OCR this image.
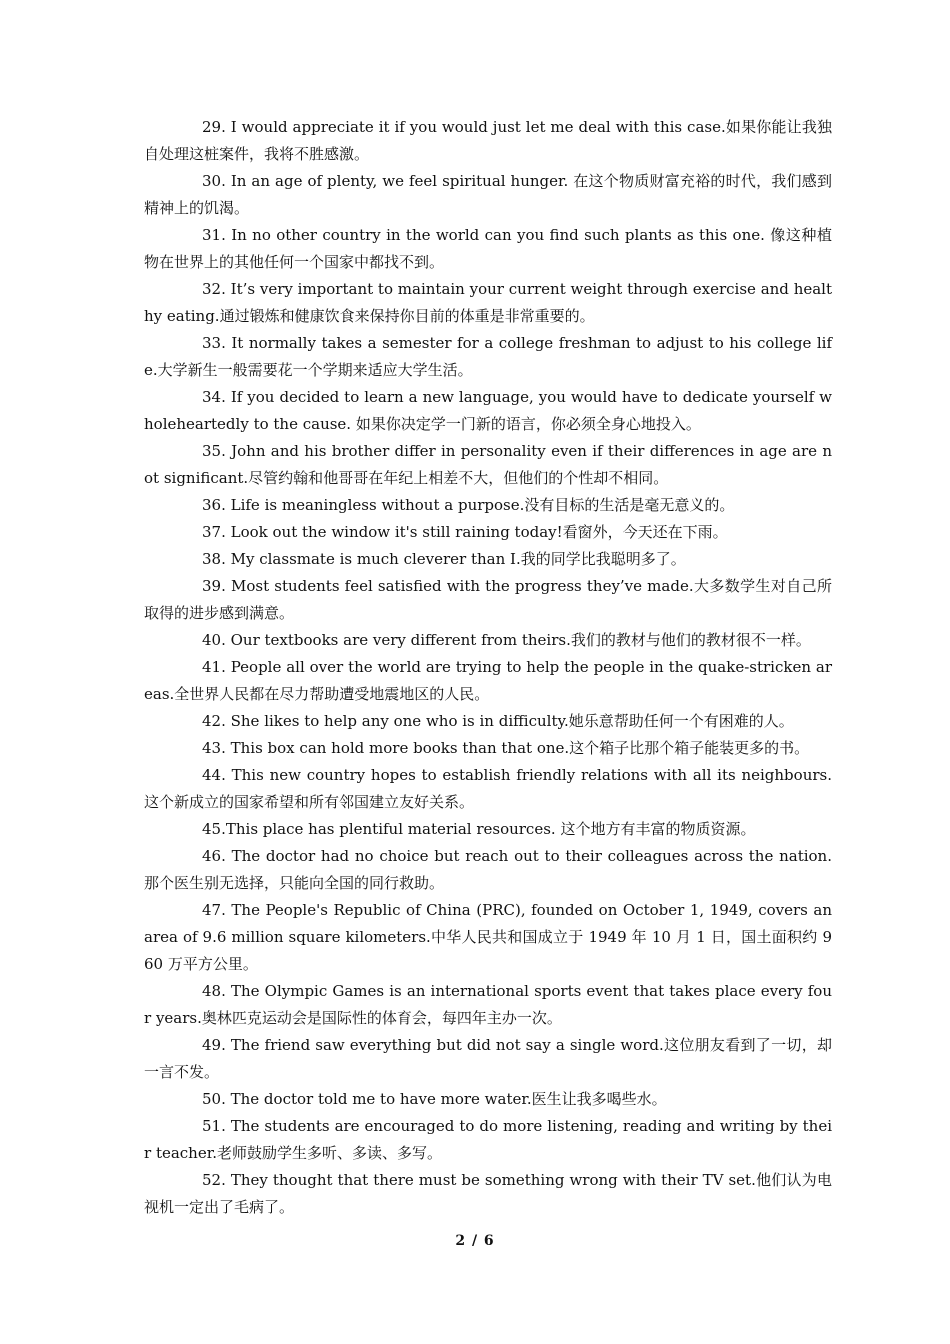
29. I would appreciate it if you would just let me deal with this case.如果你能让我独自处理这桩案件，我将不胜感激。

30. In an age of plenty, we feel spiritual hunger. 在这个物质财富充裕的时代，我们感到精神上的饥渴。

31. In no other country in the world can you find such plants as this one. 像这种植物在世界上的其他任何一个国家中都找不到。

32. It’s very important to maintain your current weight through exercise and healthy eating.通过锻炼和健康饮食来保持你目前的体重是非常重要的。

33. It normally takes a semester for a college freshman to adjust to his college life.大学新生一般需要花一个学期来适应大学生活。

34. If you decided to learn a new language, you would have to dedicate yourself wholeheartedly to the cause. 如果你决定学一门新的语言，你必须全身心地投入。

35. John and his brother differ in personality even if their differences in age are not significant.尽管约翰和他哥哥在年纪上相差不大，但他们的个性却不相同。

36. Life is meaningless without a purpose.没有目标的生活是毫无意义的。

37. Look out the window it's still raining today!看窗外，今天还在下雨。

38. My classmate is much cleverer than I.我的同学比我聪明多了。

39. Most students feel satisfied with the progress they’ve made.大多数学生对自己所取得的进步感到满意。

40. Our textbooks are very different from theirs.我们的教材与他们的教材很不一样。

41. People all over the world are trying to help the people in the quake-stricken areas.全世界人民都在尽力帮助遭受地震地区的人民。

42. She likes to help any one who is in difficulty.她乐意帮助任何一个有困难的人。

43. This box can hold more books than that one.这个箱子比那个箱子能装更多的书。

44. This new country hopes to establish friendly relations with all its neighbours.这个新成立的国家希望和所有邻国建立友好关系。

45.This place has plentiful material resources. 这个地方有丰富的物质资源。

46. The doctor had no choice but reach out to their colleagues across the nation.那个医生别无选择，只能向全国的同行救助。

47. The People's Republic of China (PRC), founded on October 1, 1949, covers an area of 9.6 million square kilometers.中华人民共和国成立于 1949 年 10 月 1 日，国土面积约 960 万平方公里。

48. The Olympic Games is an international sports event that takes place every four years.奥林匹克运动会是国际性的体育会，每四年主办一次。

49. The friend saw everything but did not say a single word.这位朋友看到了一切，却一言不发。

50. The doctor told me to have more water.医生让我多喝些水。

51. The students are encouraged to do more listening, reading and writing by their teacher.老师鼓励学生多听、多读、多写。

52. They thought that there must be something wrong with their TV set.他们认为电视机一定出了毛病了。

2 / 6
